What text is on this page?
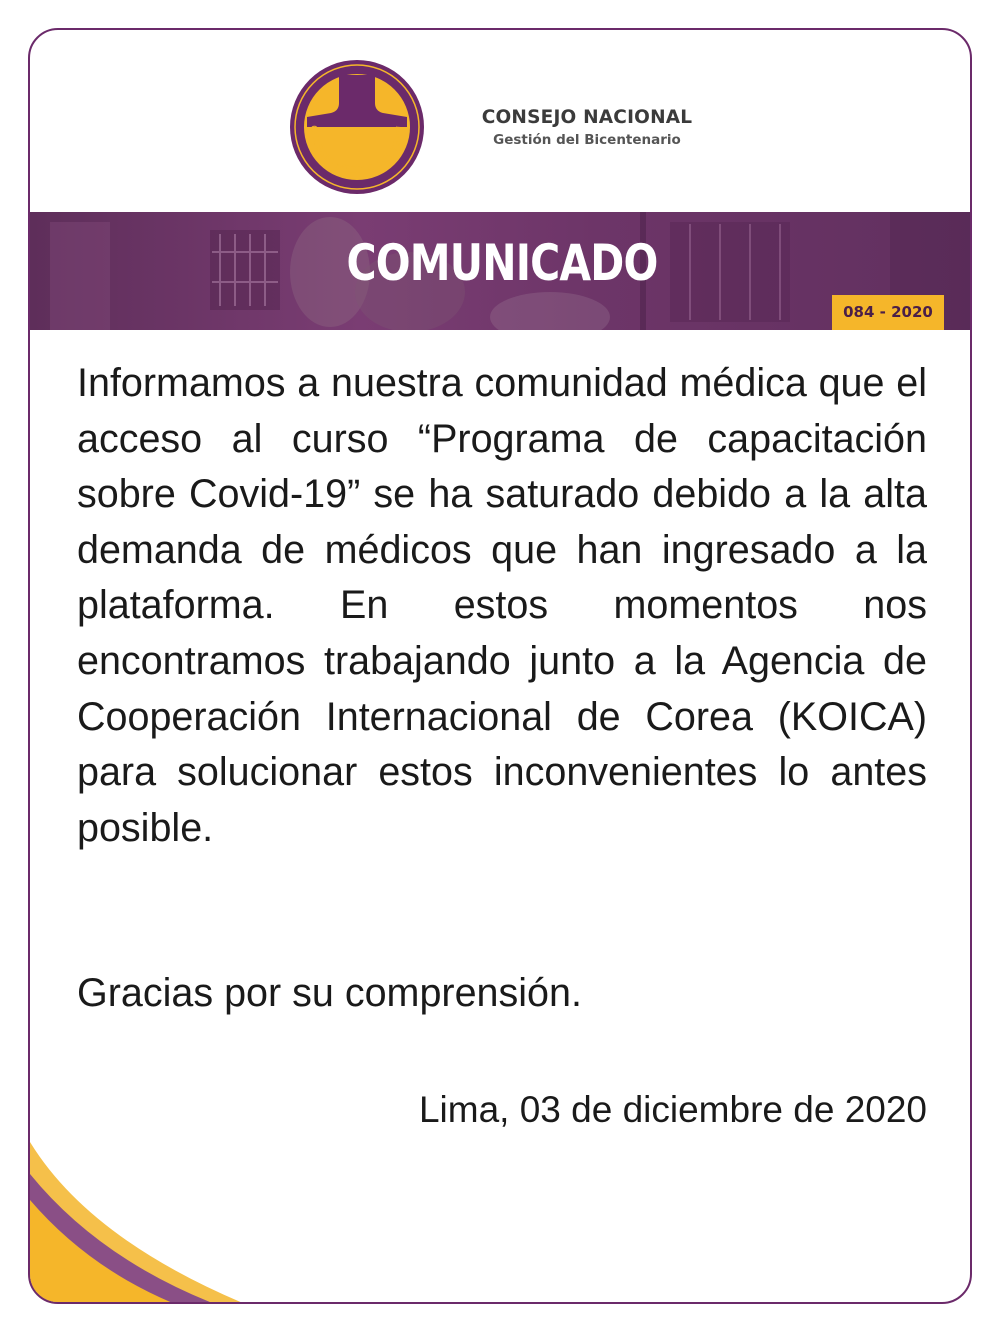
COLEGIO MEDICO DEL PERÚ
CONSEJO NACIONAL
Gestión del Bicentenario
COMUNICADO
084 - 2020

Informamos a nuestra comunidad médica que el acceso al curso “Programa de capacitación sobre Covid-19” se ha saturado debido a la alta demanda de médicos que han ingresado a la plataforma. En estos momentos nos encontramos trabajando junto a la Agencia de Cooperación Internacional de Corea (KOICA) para solucionar estos inconvenientes lo antes posible.

Gracias por su comprensión.

Lima, 03 de diciembre de 2020
